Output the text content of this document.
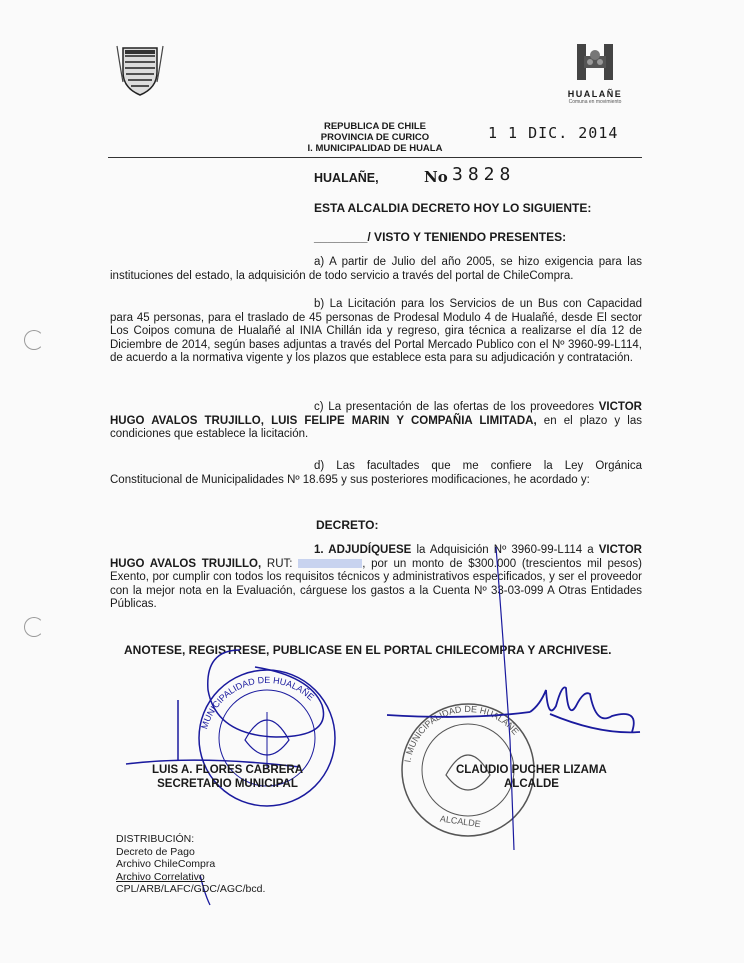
HUALAÑE
Comuna en movimiento
REPUBLICA DE CHILE
PROVINCIA DE CURICO
I. MUNICIPALIDAD DE HUALA
1 1 DIC. 2014
HUALAÑE,	No 3828
ESTA ALCALDIA DECRETO HOY LO SIGUIENTE:
________/ VISTO Y TENIENDO PRESENTES:

a) A partir de Julio del año 2005, se hizo exigencia para las instituciones del estado, la adquisición de todo servicio a través del portal de ChileCompra.

b) La Licitación para los Servicios de un Bus con Capacidad para 45 personas, para el traslado de 45 personas de Prodesal Modulo 4 de Hualañé, desde El sector Los Coipos comuna de Hualañé al INIA Chillán ida y regreso, gira técnica a realizarse el día 12 de Diciembre de 2014, según bases adjuntas a través del Portal Mercado Publico con el Nº 3960-99-L114, de acuerdo a la normativa vigente y los plazos que establece esta para su adjudicación y contratación.

c) La presentación de las ofertas de los proveedores VICTOR HUGO AVALOS TRUJILLO, LUIS FELIPE MARIN Y COMPAÑIA LIMITADA, en el plazo y las condiciones que establece la licitación.

d) Las facultades que me confiere la Ley Orgánica Constitucional de Municipalidades Nº 18.695 y sus posteriores modificaciones, he acordado y:

DECRETO:

1. ADJUDÍQUESE la Adquisición Nº 3960-99-L114 a VICTOR HUGO AVALOS TRUJILLO, RUT:	, por un monto de $300.000 (trescientos mil pesos) Exento, por cumplir con todos los requisitos técnicos y administrativos especificados, y ser el proveedor con la mejor nota en la Evaluación, cárguese los gastos a la Cuenta Nº 33-03-099 A Otras Entidades Públicas.

ANOTESE, REGISTRESE, PUBLICASE EN EL PORTAL CHILECOMPRA Y ARCHIVESE.
MUNICIPALIDAD DE HUALAÑE
I. MUNICIPALIDAD DE HUALAÑE
ALCALDE
LUIS A. FLORES CABRERA
SECRETARIO MUNICIPAL
CLAUDIO PUCHER LIZAMA
ALCALDE
DISTRIBUCIÓN:
Decreto de Pago
Archivo ChileCompra
Archivo Correlativo
CPL/ARB/LAFC/GDC/AGC/bcd.
